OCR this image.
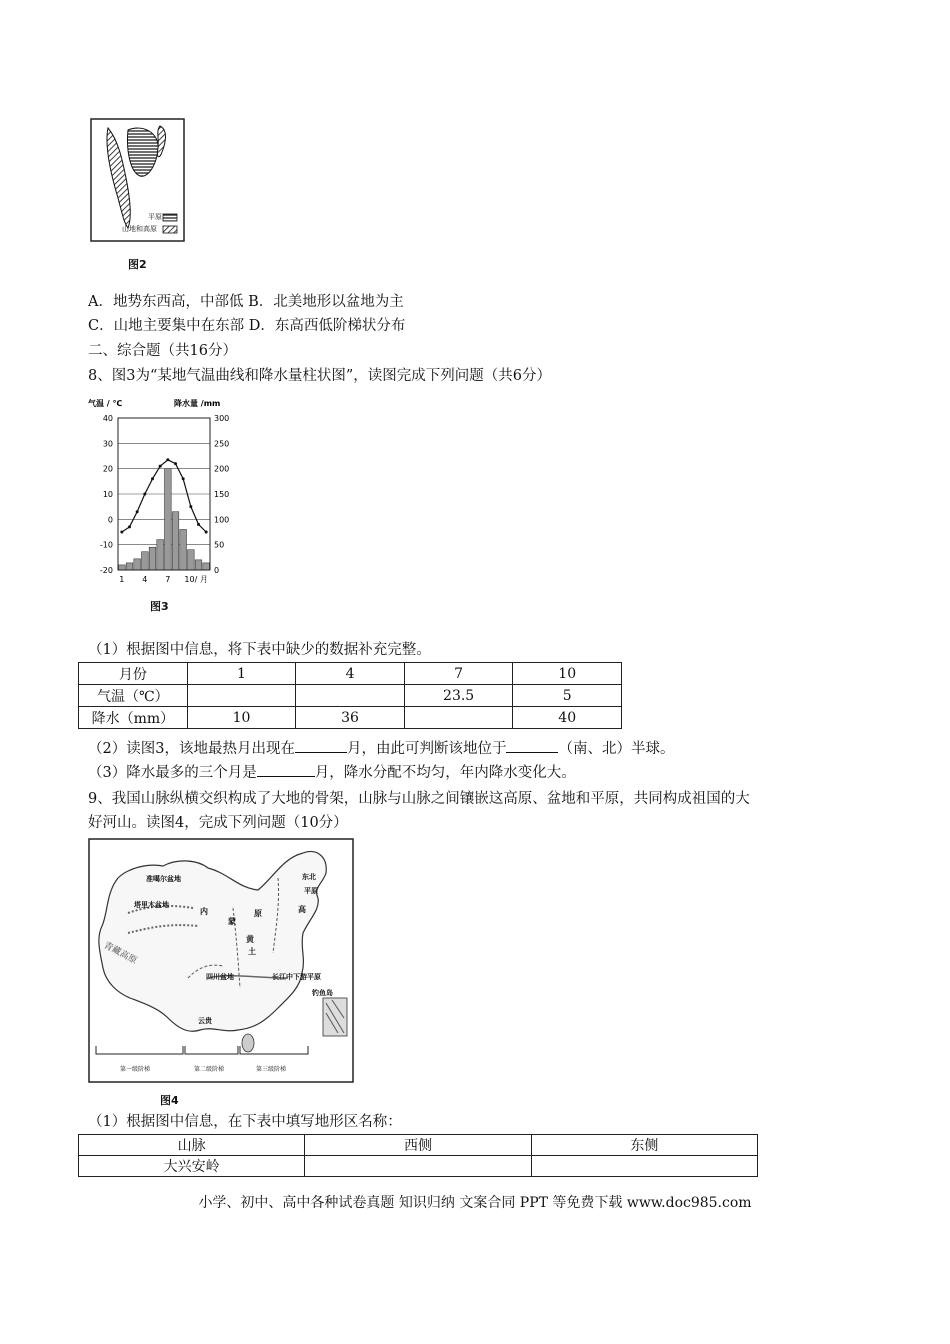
平原
山地和高原
图2
A．地势东西高，中部低 B．北美地形以盆地为主
C．山地主要集中在东部 D．东高西低阶梯状分布
二、综合题（共16分）
8、图3为“某地气温曲线和降水量柱状图”，读图完成下列问题（共6分）
气温 / ℃	降水量 /mm
40
30
20
10
0
-10
-20
300
250
200
150
100
50
0
1 4 7 10/ 月
图3
（1）根据图中信息，将下表中缺少的数据补充完整。
月份	1	4	7	10
气温（℃）			23.5	5
降水（mm）	10	36		40
（2）读图3，该地最热月出现在	月，由此可判断该地位于	（南、北）半球。
（3）降水最多的三个月是	月，降水分配不均匀，年内降水变化大。
9、我国山脉纵横交织构成了大地的骨架，山脉与山脉之间镶嵌这高原、盆地和平原，共同构成祖国的大
好河山。读图4，完成下列问题（10分）
准噶尔盆地
塔里木盆地
东北
平原
内
蒙
高
原
黄
土
四川盆地	长江中下游平原
钓鱼岛
青藏高原
云贵
第一级阶梯	第二级阶梯	第三级阶梯
图4
（1）根据图中信息，在下表中填写地形区名称：
山脉	西侧	东侧
大兴安岭		
小学、初中、高中各种试卷真题 知识归纳 文案合同 PPT 等免费下载 www.doc985.com
